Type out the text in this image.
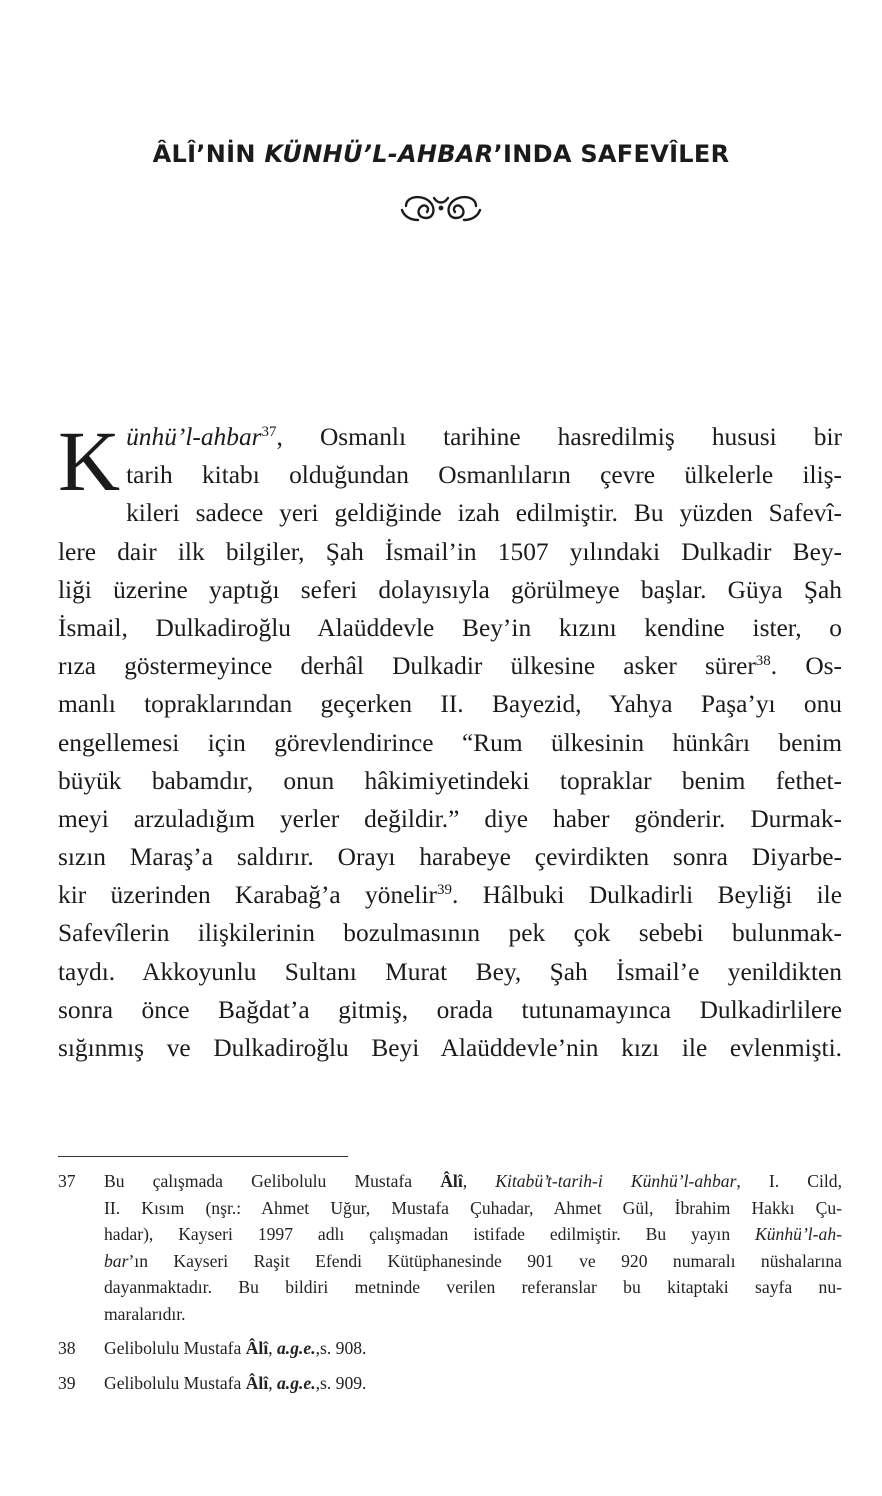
ÂLÎ’NİN KÜNHÜ’L-AHBAR’INDA SAFEVÎLER
K ünhü’l-ahbar$^{37}$, Osmanlı tarihine hasredilmiş hususi bir
tarih kitabı olduğundan Osmanlıların çevre ülkelerle iliş-
kileri sadece yeri geldiğinde izah edilmiştir. Bu yüzden Safevî-
lere dair ilk bilgiler, Şah İsmail’in 1507 yılındaki Dulkadir Bey-
liği üzerine yaptığı seferi dolayısıyla görülmeye başlar. Güya Şah
İsmail, Dulkadiroğlu Alaüddevle Bey’in kızını kendine ister, o
rıza göstermeyince derhâl Dulkadir ülkesine asker sürer$^{38}$. Os-
manlı topraklarından geçerken II. Bayezid, Yahya Paşa’yı onu
engellemesi için görevlendirince “Rum ülkesinin hünkârı benim
büyük babamdır, onun hâkimiyetindeki topraklar benim fethet-
meyi arzuladığım yerler değildir.” diye haber gönderir. Durmak-
sızın Maraş’a saldırır. Orayı harabeye çevirdikten sonra Diyarbe-
kir üzerinden Karabağ’a yönelir$^{39}$. Hâlbuki Dulkadirli Beyliği ile
Safevîlerin ilişkilerinin bozulmasının pek çok sebebi bulunmak-
taydı. Akkoyunlu Sultanı Murat Bey, Şah İsmail’e yenildikten
sonra önce Bağdat’a gitmiş, orada tutunamayınca Dulkadirlilere
sığınmış ve Dulkadiroğlu Beyi Alaüddevle’nin kızı ile evlenmişti.
37	Bu çalışmada Gelibolulu Mustafa Âlî, Kitabü’t-tarih-i Künhü’l-ahbar, I. Cild,
II. Kısım (nşr.: Ahmet Uğur, Mustafa Çuhadar, Ahmet Gül, İbrahim Hakkı Çu-
hadar), Kayseri 1997 adlı çalışmadan istifade edilmiştir. Bu yayın Künhü’l-ah-
bar’ın Kayseri Raşit Efendi Kütüphanesinde 901 ve 920 numaralı nüshalarına
dayanmaktadır. Bu bildiri metninde verilen referanslar bu kitaptaki sayfa nu-
maralarıdır.
38	Gelibolulu Mustafa Âlî, a.g.e.,s. 908.
39	Gelibolulu Mustafa Âlî, a.g.e.,s. 909.
